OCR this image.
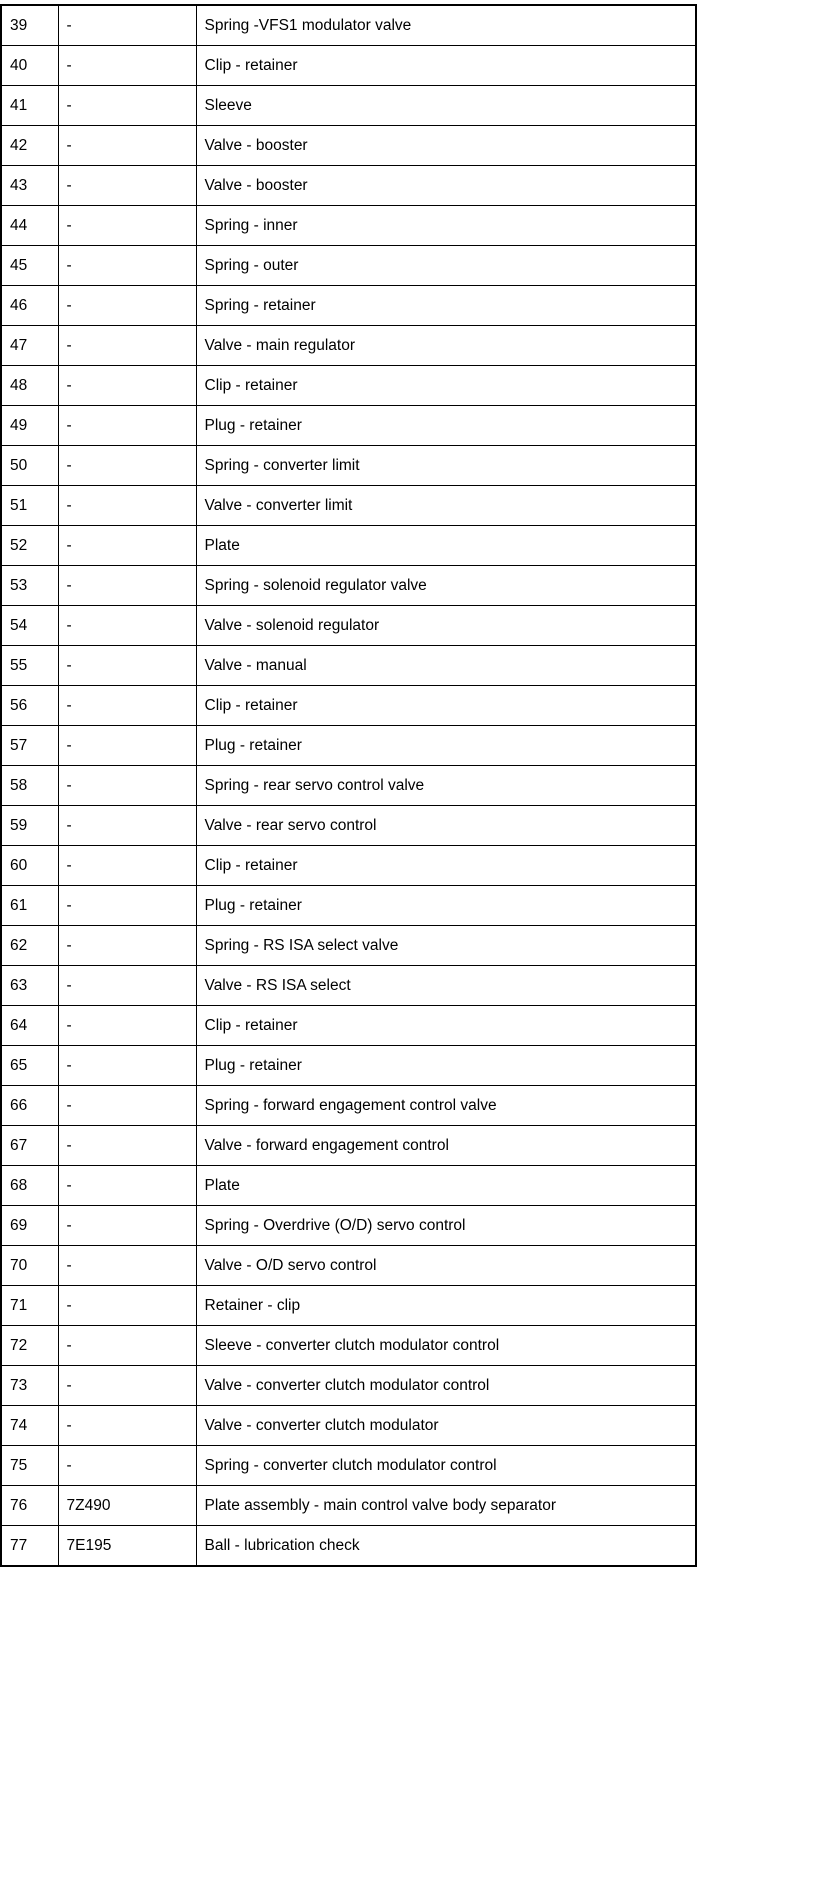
39	-	Spring -VFS1 modulator valve
40	-	Clip - retainer
41	-	Sleeve
42	-	Valve - booster
43	-	Valve - booster
44	-	Spring - inner
45	-	Spring - outer
46	-	Spring - retainer
47	-	Valve - main regulator
48	-	Clip - retainer
49	-	Plug - retainer
50	-	Spring - converter limit
51	-	Valve - converter limit
52	-	Plate
53	-	Spring - solenoid regulator valve
54	-	Valve - solenoid regulator
55	-	Valve - manual
56	-	Clip - retainer
57	-	Plug - retainer
58	-	Spring - rear servo control valve
59	-	Valve - rear servo control
60	-	Clip - retainer
61	-	Plug - retainer
62	-	Spring - RS ISA select valve
63	-	Valve - RS ISA select
64	-	Clip - retainer
65	-	Plug - retainer
66	-	Spring - forward engagement control valve
67	-	Valve - forward engagement control
68	-	Plate
69	-	Spring - Overdrive (O/D) servo control
70	-	Valve - O/D servo control
71	-	Retainer - clip
72	-	Sleeve - converter clutch modulator control
73	-	Valve - converter clutch modulator control
74	-	Valve - converter clutch modulator
75	-	Spring - converter clutch modulator control
76	7Z490	Plate assembly - main control valve body separator
77	7E195	Ball - lubrication check
